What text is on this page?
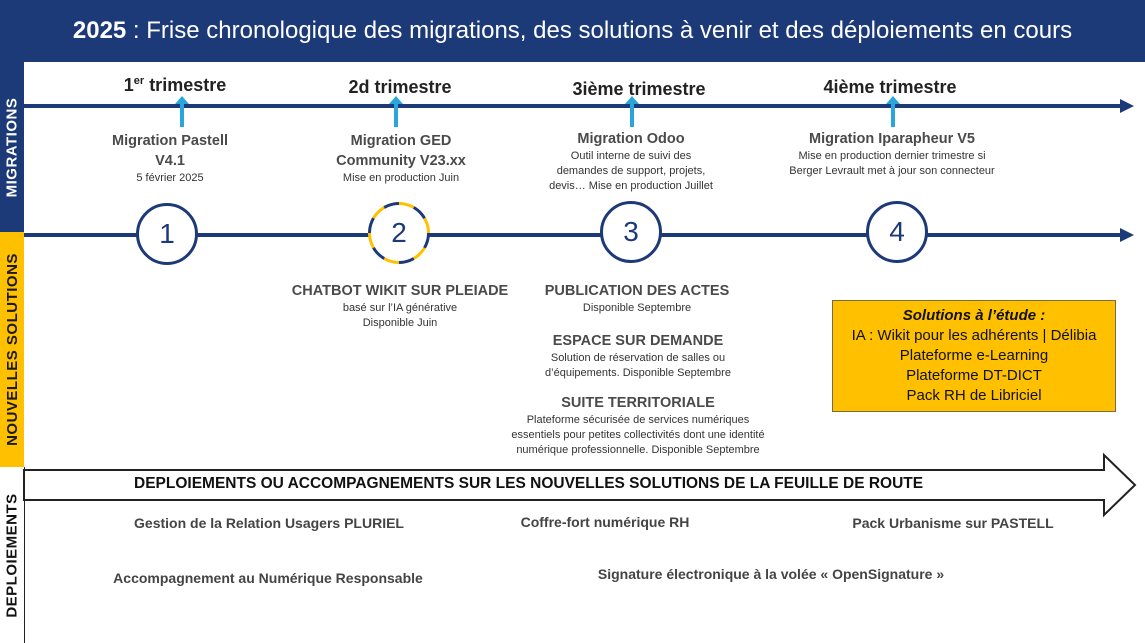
2025 : Frise chronologique des migrations, des solutions à venir et des déploiements en cours
MIGRATIONS
NOUVELLES SOLUTIONS
DEPLOIEMENTS
1er trimestre	2d trimestre	3ième trimestre	4ième trimestre
Migration Pastell
V4.1
5 février 2025
Migration GED
Community V23.xx
Mise en production Juin
Migration Odoo
Outil interne de suivi des
demandes de support, projets,
devis… Mise en production Juillet
Migration Iparapheur V5
Mise en production dernier trimestre si
Berger Levrault met à jour son connecteur
1	2	3	4
CHATBOT WIKIT SUR PLEIADE
basé sur l’IA générative
Disponible Juin
PUBLICATION DES ACTES
Disponible Septembre
ESPACE SUR DEMANDE
Solution de réservation de salles ou
d’équipements. Disponible Septembre
SUITE TERRITORIALE
Plateforme sécurisée de services numériques
essentiels pour petites collectivités dont une identité
numérique professionnelle. Disponible Septembre
Solutions à l’étude :
IA : Wikit pour les adhérents | Délibia
Plateforme e-Learning
Plateforme DT-DICT
Pack RH de Libriciel
DEPLOIEMENTS OU ACCOMPAGNEMENTS SUR LES NOUVELLES SOLUTIONS DE LA FEUILLE DE ROUTE
Gestion de la Relation Usagers PLURIEL	Coffre-fort numérique RH	Pack Urbanisme sur PASTELL
Accompagnement au Numérique Responsable	Signature électronique à la volée « OpenSignature »
